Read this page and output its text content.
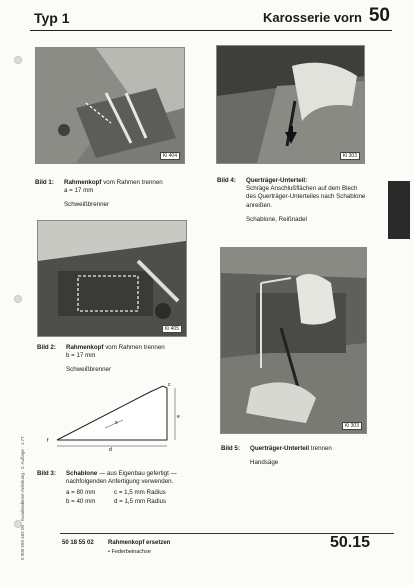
Typ 1	Karosserie vorn 50
Ki 404	Ki 303
Bild 1: Rahmenkopf vom Rahmen trennen
a = 17 mm
Schweißbrenner
Bild 4: Querträger-Unterteil:
Schräge Anschlußflächen auf dem Blech
des Querträger-Unterteiles nach Schablone
anreißen.
Schablone, Reißnadel
Ki 405
Ki 303
Bild 2: Rahmenkopf vom Rahmen trennen
b = 17 mm
Schweißbrenner
d
e
c
f
x
Bild 3: Schablone — aus Eigenbau gefertigt —
nachfolgenden Anfertigung verwenden.
a = 80 mm	c = 1,5 mm Radius
b = 40 mm	d = 1,5 mm Radius
Bild 5: Querträger-Unterteil trennen
Handsäge
0 900 550 465 00 · Kundendienst-Anleitung · 2. Auflage · 1.77	50 18 55 02 Rahmenkopf ersetzen
• Federbeinachse
50.15
